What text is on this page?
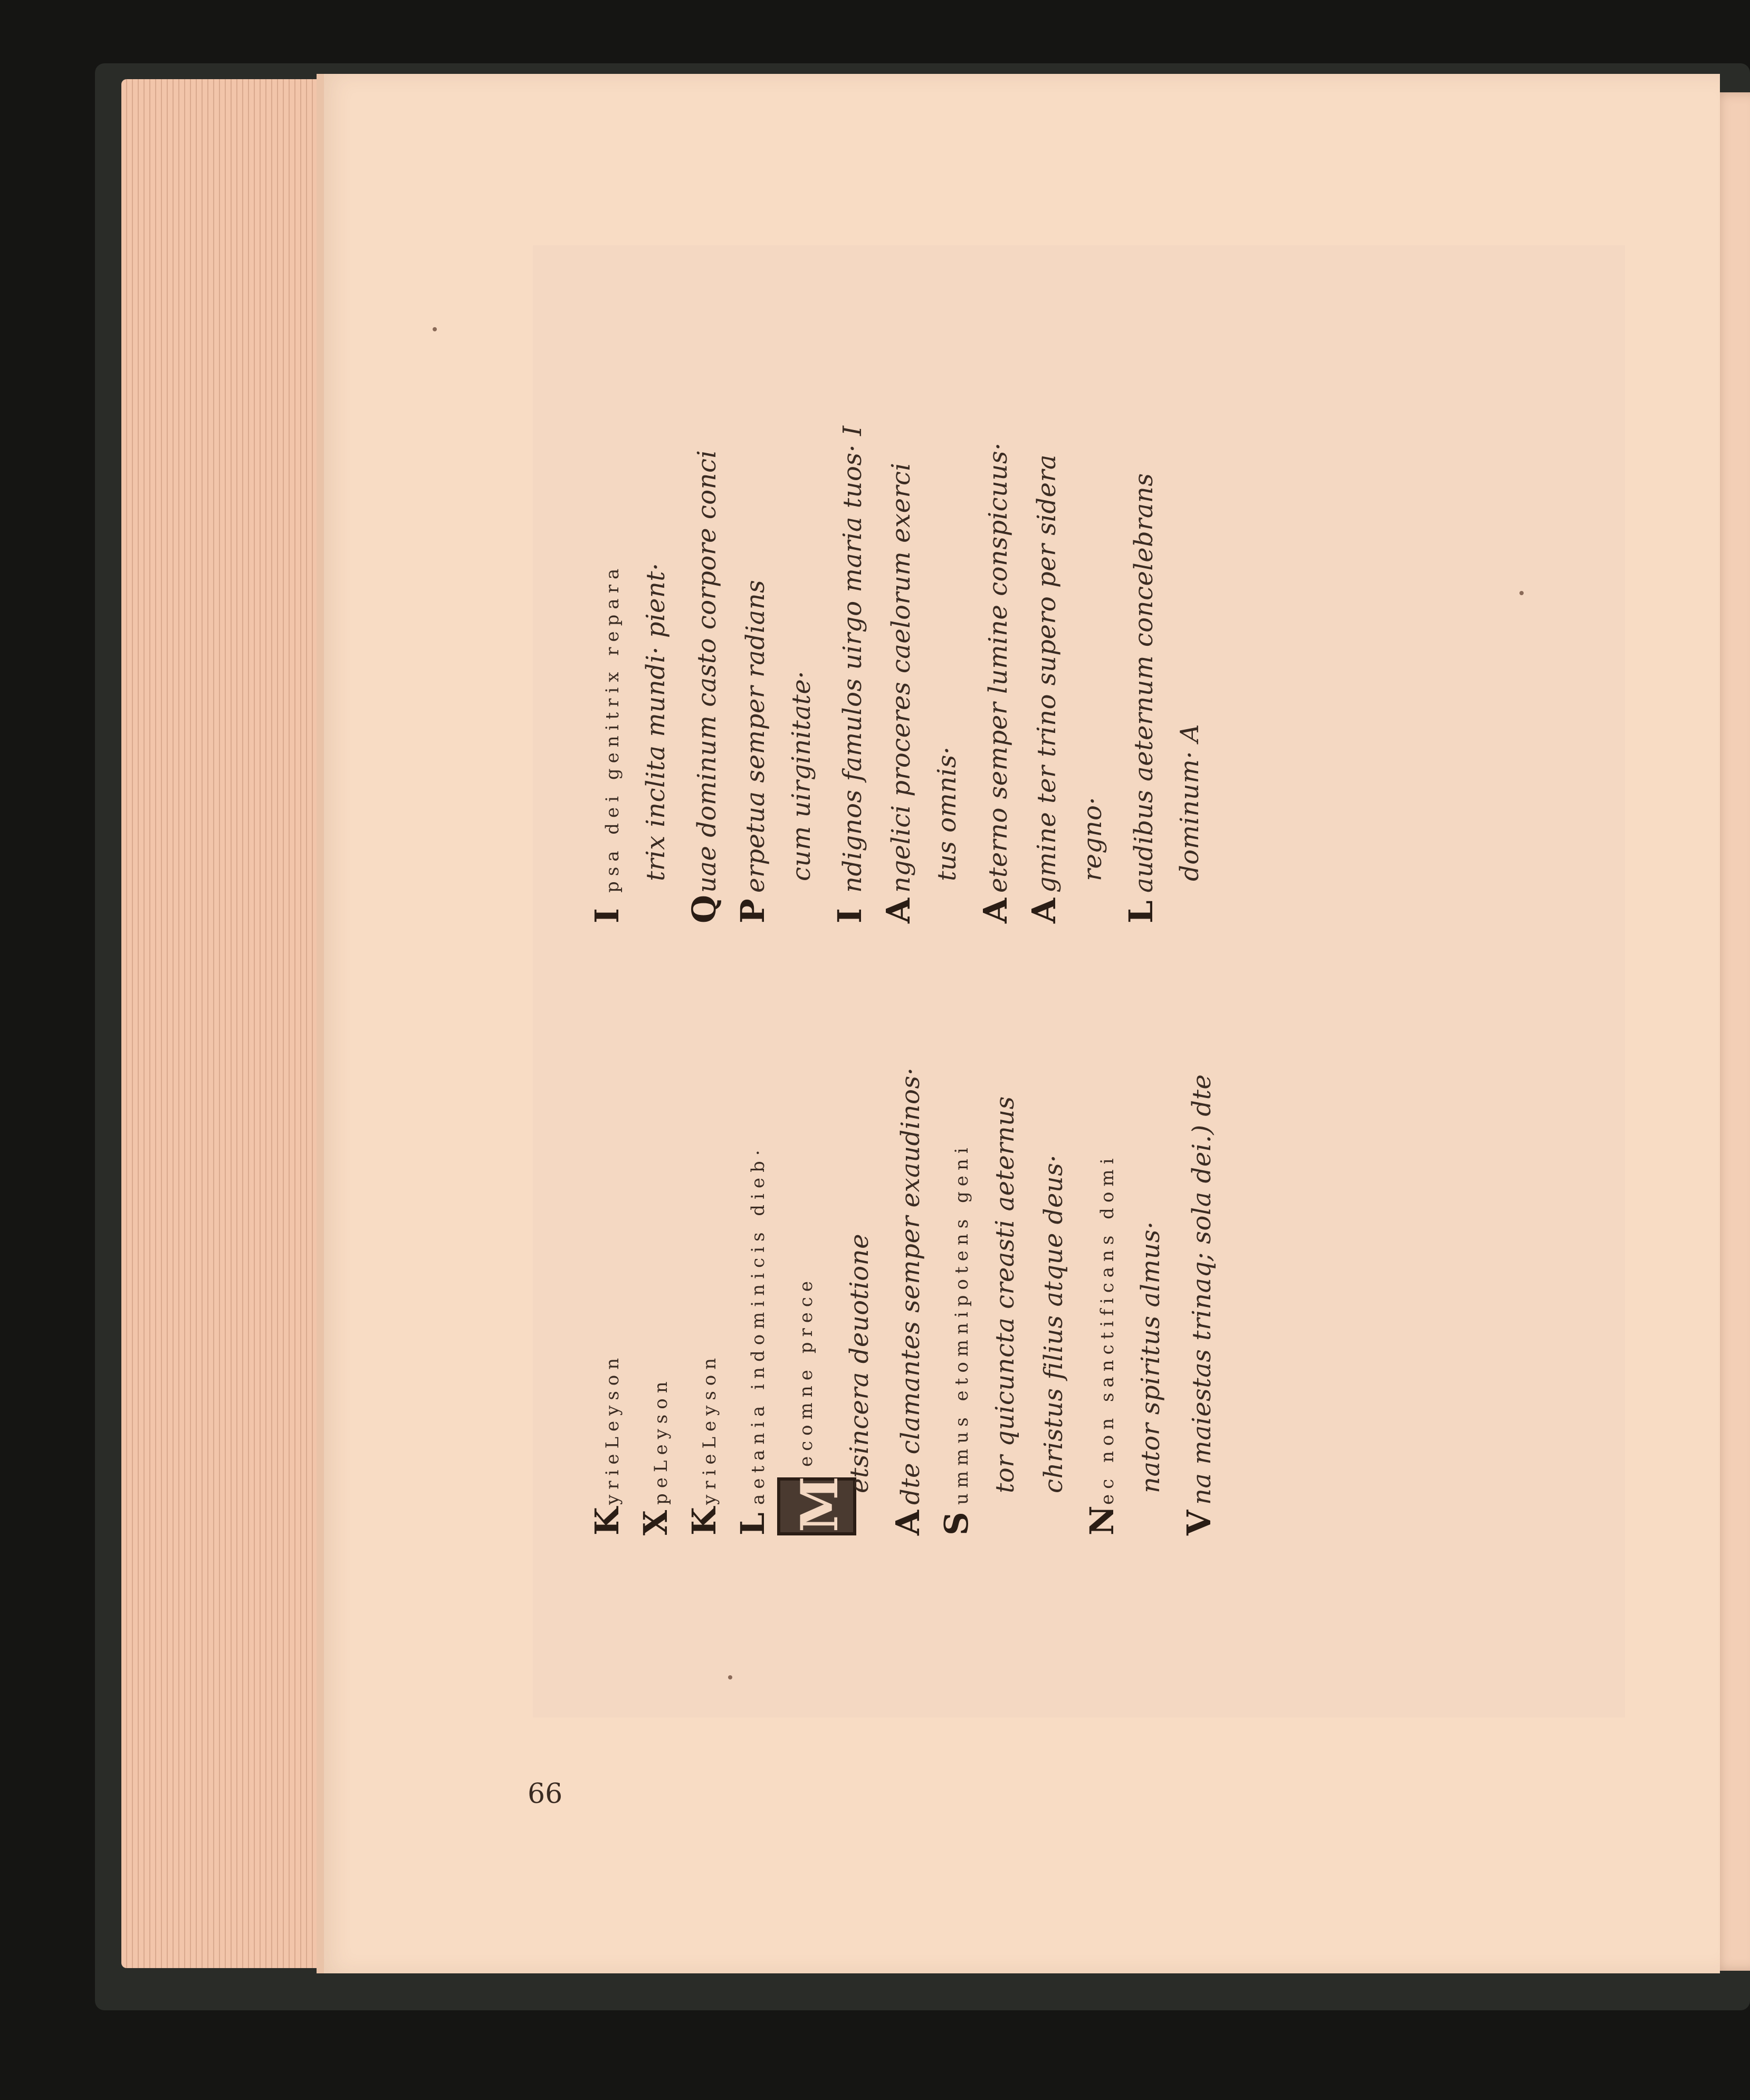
KyrieLeyson
XpeLeyson
KyrieLeyson
Laetania indominicis dieb· Mecomne prece	etsincera deuotione
Adte clamantes semper exaudinos·
Summus etomnipotens geni tor quicuncta creasti aeternus christus filius atque deus·
Nec non sanctificans domi nator spiritus almus·
Vna maiestas trinaq; sola dei.) dte
Ipsa dei genitrix repara trix inclita mundi· pient·
Quae dominum casto corpore conci
Perpetua semper radians cum uirginitate·
Indignos famulos uirgo maria tuos· I
Angelici proceres caelorum exerci tus omnis·
Aeterno semper lumine conspicuus·
Agmine ter trino supero per sidera regno·
Laudibus aeternum concelebrans dominum· A
66
